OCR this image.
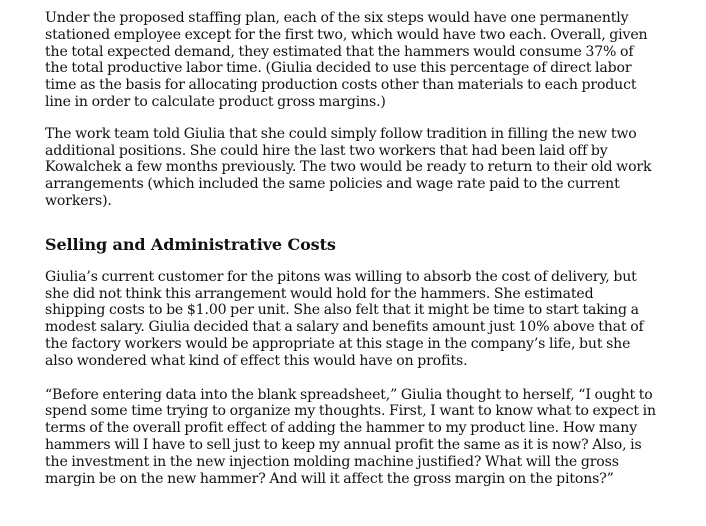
Under the proposed staffing plan, each of the six steps would have one permanently stationed employee except for the first two, which would have two each. Overall, given the total expected demand, they estimated that the hammers would consume 37% of the total productive labor time. (Giulia decided to use this percentage of direct labor time as the basis for allocating production costs other than materials to each product line in order to calculate product gross margins.)

The work team told Giulia that she could simply follow tradition in filling the new two additional positions. She could hire the last two workers that had been laid off by Kowalchek a few months previously. The two would be ready to return to their old work arrangements (which included the same policies and wage rate paid to the current workers).

Selling and Administrative Costs

Giulia’s current customer for the pitons was willing to absorb the cost of delivery, but she did not think this arrangement would hold for the hammers. She estimated shipping costs to be $1.00 per unit. She also felt that it might be time to start taking a modest salary. Giulia decided that a salary and benefits amount just 10% above that of the factory workers would be appropriate at this stage in the company’s life, but she also wondered what kind of effect this would have on profits.

“Before entering data into the blank spreadsheet,” Giulia thought to herself, “I ought to spend some time trying to organize my thoughts. First, I want to know what to expect in terms of the overall profit effect of adding the hammer to my product line. How many hammers will I have to sell just to keep my annual profit the same as it is now? Also, is the investment in the new injection molding machine justified? What will the gross margin be on the new hammer? And will it affect the gross margin on the pitons?”
